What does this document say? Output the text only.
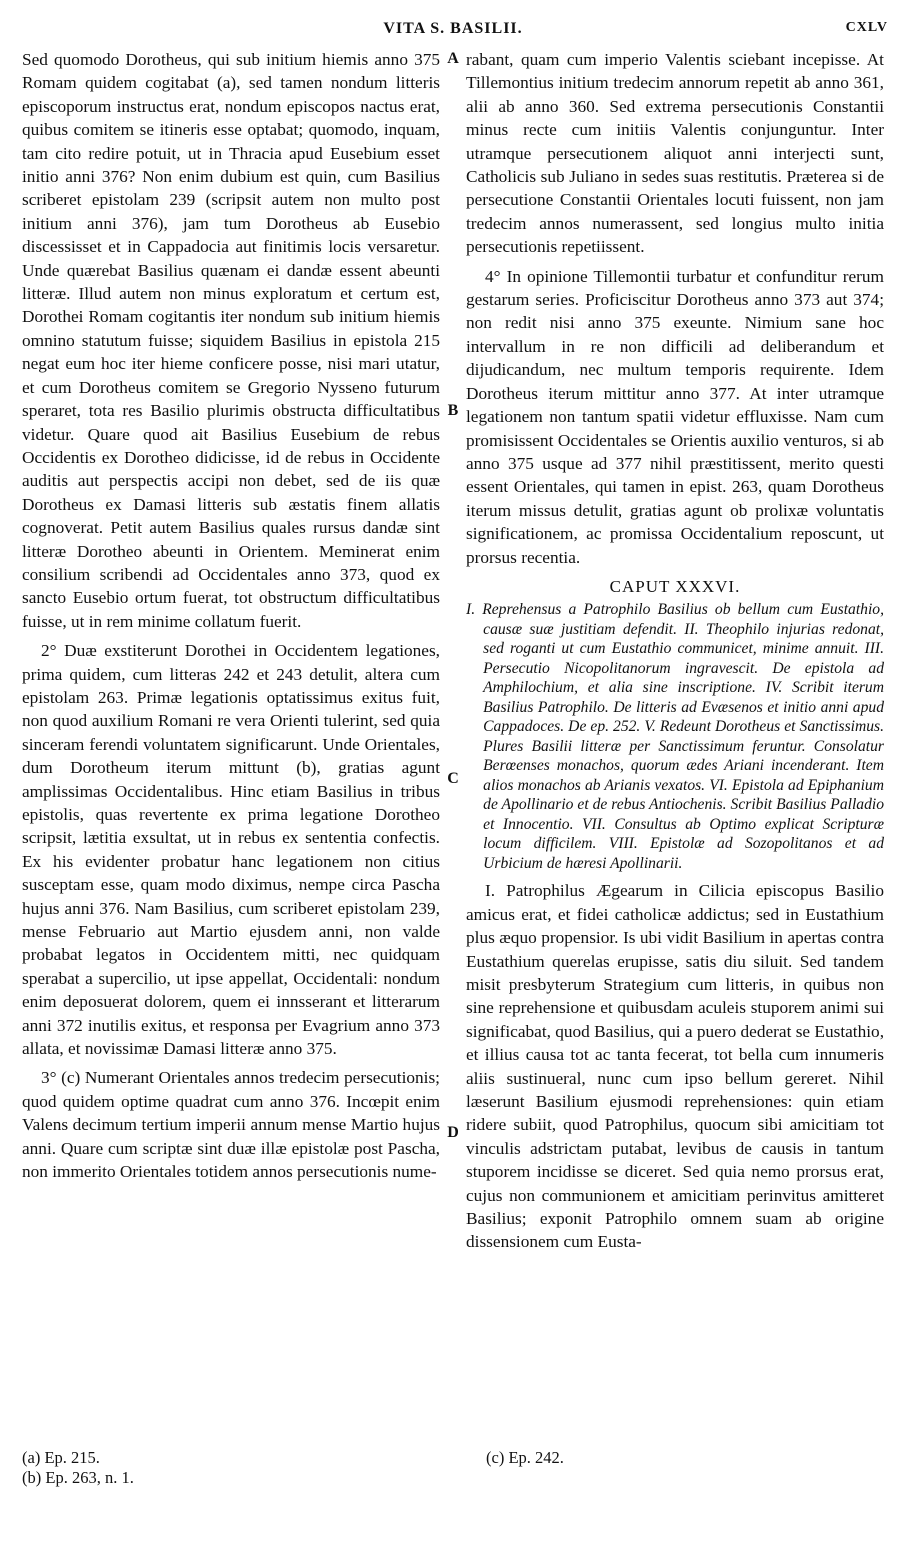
VITA S. BASILII.	CXLV
A
B
C
D

Sed quomodo Dorotheus, qui sub initium hiemis anno 375 Romam quidem cogitabat (a), sed tamen nondum litteris episcoporum instructus erat, nondum episcopos nactus erat, quibus comitem se itineris esse optabat; quomodo, inquam, tam cito redire potuit, ut in Thracia apud Eusebium esset initio anni 376? Non enim dubium est quin, cum Basilius scriberet epistolam 239 (scripsit autem non multo post initium anni 376), jam tum Dorotheus ab Eusebio discessisset et in Cappadocia aut finitimis locis versaretur. Unde quærebat Basilius quænam ei dandæ essent abeunti litteræ. Illud autem non minus exploratum et certum est, Dorothei Romam cogitantis iter nondum sub initium hiemis omnino statutum fuisse; siquidem Basilius in epistola 215 negat eum hoc iter hieme conficere posse, nisi mari utatur, et cum Dorotheus comitem se Gregorio Nysseno futurum speraret, tota res Basilio plurimis obstructa difficultatibus videtur. Quare quod ait Basilius Eusebium de rebus Occidentis ex Dorotheo didicisse, id de rebus in Occidente auditis aut perspectis accipi non debet, sed de iis quæ Dorotheus ex Damasi litteris sub æstatis finem allatis cognoverat. Petit autem Basilius quales rursus dandæ sint litteræ Dorotheo abeunti in Orientem. Meminerat enim consilium scribendi ad Occidentales anno 373, quod ex sancto Eusebio ortum fuerat, tot obstructum difficultatibus fuisse, ut in rem minime collatum fuerit.

2° Duæ exstiterunt Dorothei in Occidentem legationes, prima quidem, cum litteras 242 et 243 detulit, altera cum epistolam 263. Primæ legationis optatissimus exitus fuit, non quod auxilium Romani re vera Orienti tulerint, sed quia sinceram ferendi voluntatem significarunt. Unde Orientales, dum Dorotheum iterum mittunt (b), gratias agunt amplissimas Occidentalibus. Hinc etiam Basilius in tribus epistolis, quas revertente ex prima legatione Dorotheo scripsit, lætitia exsultat, ut in rebus ex sententia confectis. Ex his evidenter probatur hanc legationem non citius susceptam esse, quam modo diximus, nempe circa Pascha hujus anni 376. Nam Basilius, cum scriberet epistolam 239, mense Februario aut Martio ejusdem anni, non valde probabat legatos in Occidentem mitti, nec quidquam sperabat a supercilio, ut ipse appellat, Occidentali: nondum enim deposuerat dolorem, quem ei innsserant et litterarum anni 372 inutilis exitus, et responsa per Evagrium anno 373 allata, et novissimæ Damasi litteræ anno 375.

3° (c) Numerant Orientales annos tredecim persecutionis; quod quidem optime quadrat cum anno 376. Incœpit enim Valens decimum tertium imperii annum mense Martio hujus anni. Quare cum scriptæ sint duæ illæ epistolæ post Pascha, non immerito Orientales totidem annos persecutionis nume-

rabant, quam cum imperio Valentis sciebant incepisse. At Tillemontius initium tredecim annorum repetit ab anno 361, alii ab anno 360. Sed extrema persecutionis Constantii minus recte cum initiis Valentis conjunguntur. Inter utramque persecutionem aliquot anni interjecti sunt, Catholicis sub Juliano in sedes suas restitutis. Præterea si de persecutione Constantii Orientales locuti fuissent, non jam tredecim annos numerassent, sed longius multo initia persecutionis repetiissent.

4° In opinione Tillemontii turbatur et confunditur rerum gestarum series. Proficiscitur Dorotheus anno 373 aut 374; non redit nisi anno 375 exeunte. Nimium sane hoc intervallum in re non difficili ad deliberandum et dijudicandum, nec multum temporis requirente. Idem Dorotheus iterum mittitur anno 377. At inter utramque legationem non tantum spatii videtur effluxisse. Nam cum promisissent Occidentales se Orientis auxilio venturos, si ab anno 375 usque ad 377 nihil præstitissent, merito questi essent Orientales, qui tamen in epist. 263, quam Dorotheus iterum missus detulit, gratias agunt ob prolixæ voluntatis significationem, ac promissa Occidentalium reposcunt, ut prorsus recentia.

CAPUT XXXVI.
I. Reprehensus a Patrophilo Basilius ob bellum cum Eustathio, causæ suæ justitiam defendit. II. Theophilo injurias redonat, sed roganti ut cum Eustathio communicet, minime annuit. III. Persecutio Nicopolitanorum ingravescit. De epistola ad Amphilochium, et alia sine inscriptione. IV. Scribit iterum Basilius Patrophilo. De litteris ad Evæsenos et initio anni apud Cappadoces. De ep. 252. V. Redeunt Dorotheus et Sanctissimus. Plures Basilii litteræ per Sanctissimum feruntur. Consolatur Berœenses monachos, quorum ædes Ariani incenderant. Item alios monachos ab Arianis vexatos. VI. Epistola ad Epiphanium de Apollinario et de rebus Antiochenis. Scribit Basilius Palladio et Innocentio. VII. Consultus ab Optimo explicat Scripturæ locum difficilem. VIII. Epistolæ ad Sozopolitanos et ad Urbicium de hæresi Apollinarii.

I. Patrophilus Ægearum in Cilicia episcopus Basilio amicus erat, et fidei catholicæ addictus; sed in Eustathium plus æquo propensior. Is ubi vidit Basilium in apertas contra Eustathium querelas erupisse, satis diu siluit. Sed tandem misit presbyterum Strategium cum litteris, in quibus non sine reprehensione et quibusdam aculeis stuporem animi sui significabat, quod Basilius, qui a puero dederat se Eustathio, et illius causa tot ac tanta fecerat, tot bella cum innumeris aliis sustinueral, nunc cum ipso bellum gereret. Nihil læserunt Basilium ejusmodi reprehensiones: quin etiam ridere subiit, quod Patrophilus, quocum sibi amicitiam tot vinculis adstrictam putabat, levibus de causis in tantum stuporem incidisse se diceret. Sed quia nemo prorsus erat, cujus non communionem et amicitiam perinvitus amitteret Basilius; exponit Patrophilo omnem suam ab origine dissensionem cum Eusta-

(a) Ep. 215.
(b) Ep. 263, n. 1.
(c) Ep. 242.
